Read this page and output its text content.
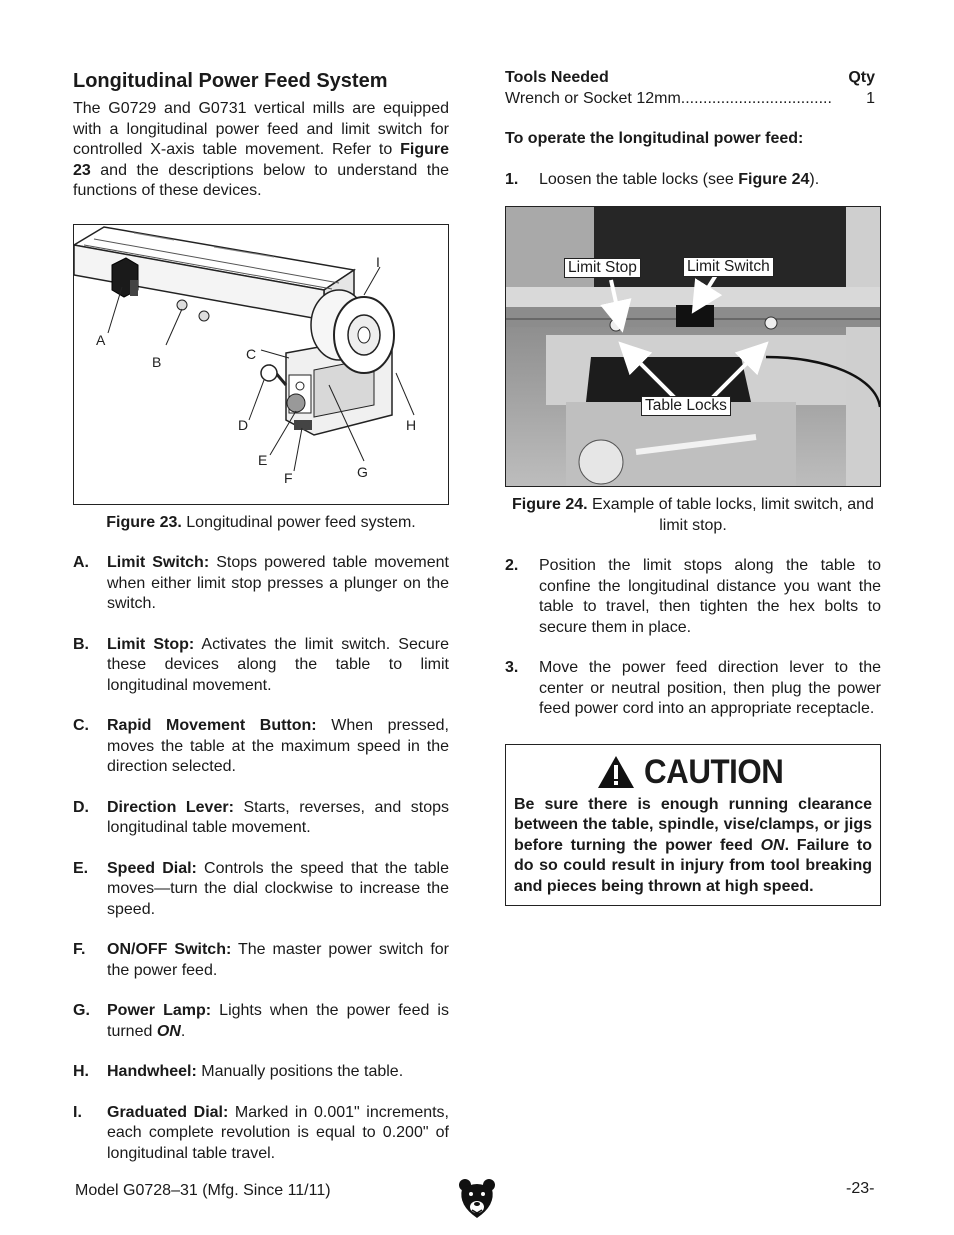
Longitudinal Power Feed System

The G0729 and G0731 vertical mills are equipped with a longitudinal power feed and limit switch for controlled X-axis table movement. Refer to Figure 23 and the descriptions below to understand the functions of these devices.

A
B	C
D
E
F	G
H
I

Figure 23. Longitudinal power feed system.

A. Limit Switch: Stops powered table movement when either limit stop presses a plunger on the switch.
B. Limit Stop: Activates the limit switch. Secure these devices along the table to limit longitudinal movement.
C. Rapid Movement Button: When pressed, moves the table at the maximum speed in the direction selected.
D. Direction Lever: Starts, reverses, and stops longitudinal table movement.
E. Speed Dial: Controls the speed that the table moves—turn the dial clockwise to increase the speed.
F. ON/OFF Switch: The master power switch for the power feed.
G. Power Lamp: Lights when the power feed is turned ON.
H. Handwheel: Manually positions the table.
I. Graduated Dial: Marked in 0.001" increments, each complete revolution is equal to 0.200" of longitudinal table travel.
Tools Needed	Qty
Wrench or Socket 12mm..................................	1

To operate the longitudinal power feed:

1. Loosen the table locks (see Figure 24).
Limit Stop	Limit Switch
Table Locks

Figure 24. Example of table locks, limit switch, and limit stop.

2. Position the limit stops along the table to confine the longitudinal distance you want the table to travel, then tighten the hex bolts to secure them in place.
3. Move the power feed direction lever to the center or neutral position, then plug the power feed power cord into an appropriate receptacle.
CAUTION

Be sure there is enough running clearance between the table, spindle, vise/clamps, or jigs before turning the power feed ON. Failure to do so could result in injury from tool breaking and pieces being thrown at high speed.

Model G0728–31 (Mfg. Since 11/11)	-23-
